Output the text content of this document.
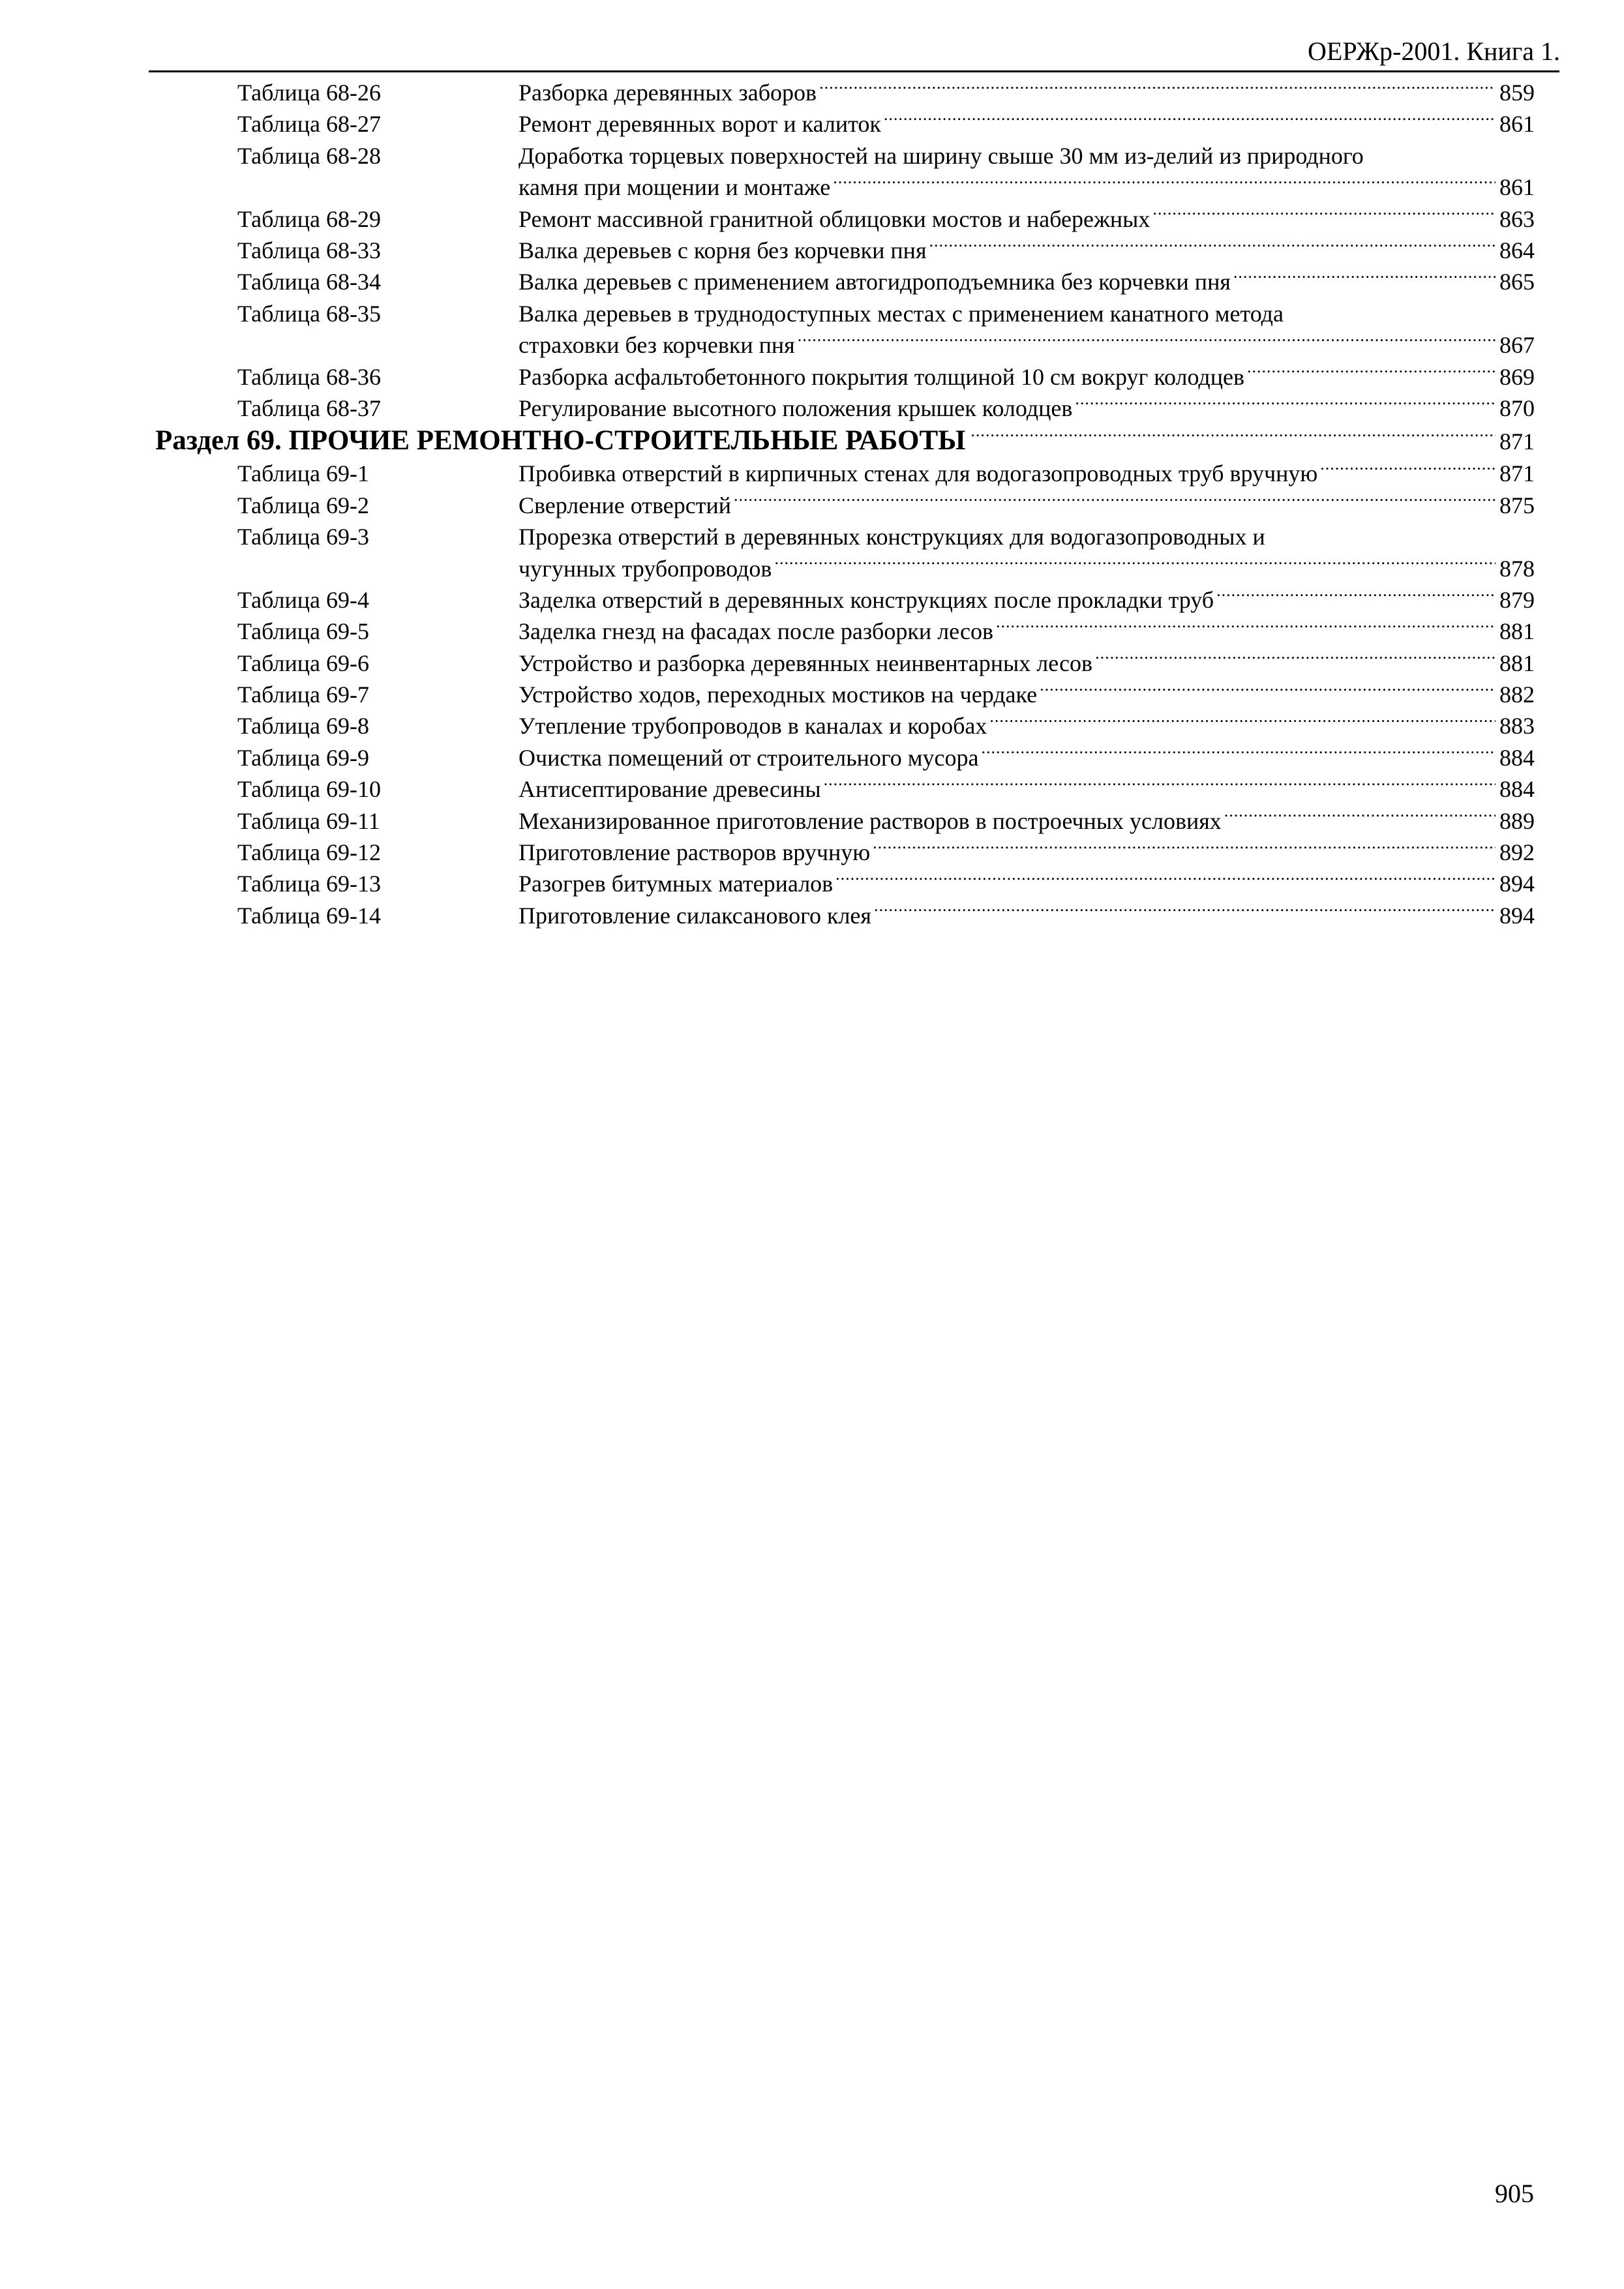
ОЕРЖр-2001. Книга 1.
Таблица 68-26	Разборка деревянных заборов .....	859
Таблица 68-27	Ремонт деревянных ворот и калиток .....	861
Таблица 68-28	Доработка торцевых поверхностей на ширину свыше 30 мм из-делий из природного
камня при мощении и монтаже .....	861
Таблица 68-29	Ремонт массивной гранитной облицовки мостов и набережных .....	863
Таблица 68-33	Валка деревьев с корня без корчевки пня .....	864
Таблица 68-34	Валка деревьев с применением автогидроподъемника без корчевки пня .....	865
Таблица 68-35	Валка деревьев в труднодоступных местах с применением канатного метода
страховки без корчевки пня .....	867
Таблица 68-36	Разборка асфальтобетонного покрытия толщиной 10 см вокруг колодцев .....	869
Таблица 68-37	Регулирование высотного положения крышек колодцев .....	870
Раздел 69. ПРОЧИЕ РЕМОНТНО-СТРОИТЕЛЬНЫЕ РАБОТЫ .....	871
Таблица 69-1	Пробивка отверстий в кирпичных стенах для водогазопроводных труб вручную .....	871
Таблица 69-2	Сверление отверстий .....	875
Таблица 69-3	Прорезка отверстий в деревянных конструкциях для водогазопроводных и
чугунных трубопроводов .....	878
Таблица 69-4	Заделка отверстий в деревянных конструкциях после прокладки труб .....	879
Таблица 69-5	Заделка гнезд на фасадах после разборки лесов .....	881
Таблица 69-6	Устройство и разборка деревянных неинвентарных лесов .....	881
Таблица 69-7	Устройство ходов, переходных мостиков на чердаке .....	882
Таблица 69-8	Утепление трубопроводов в каналах и коробах .....	883
Таблица 69-9	Очистка помещений от строительного мусора .....	884
Таблица 69-10	Антисептирование древесины .....	884
Таблица 69-11	Механизированное приготовление растворов в построечных условиях .....	889
Таблица 69-12	Приготовление растворов вручную .....	892
Таблица 69-13	Разогрев битумных материалов .....	894
Таблица 69-14	Приготовление силаксанового клея .....	894
905
